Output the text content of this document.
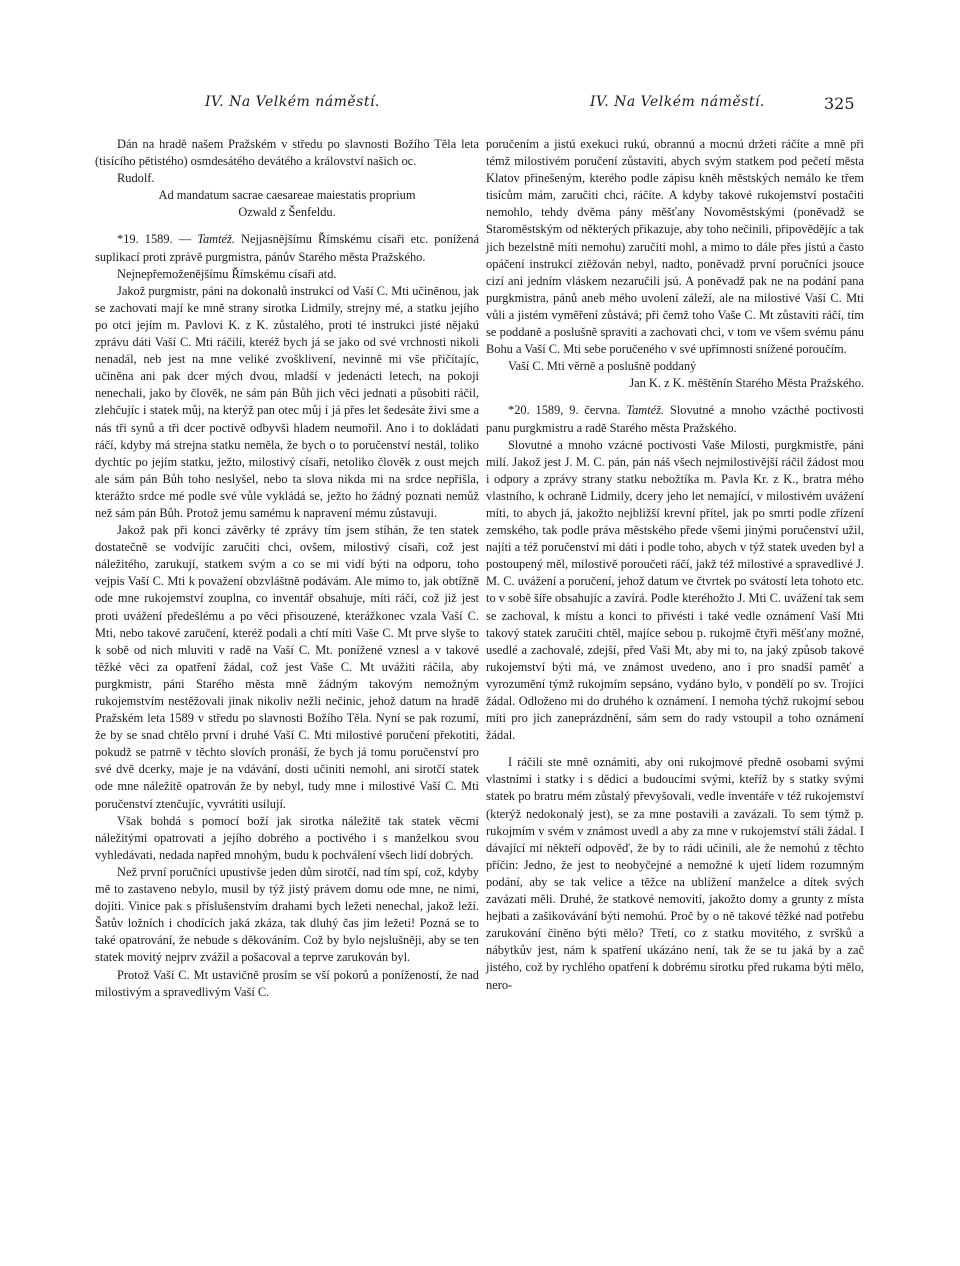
IV. Na Velkém náměstí.	IV. Na Velkém náměstí.	325

Dán na hradě našem Pražském v středu po slavnosti Božího Těla leta (tisícího pětistého) osmdesátého devátého a království našich oc.

Rudolf.

Ad mandatum sacrae caesareae maiestatis proprium

Ozwald z Šenfeldu.

*19. 1589. — Tamtéž. Nejjasnějšímu Římskému císaři etc. ponížená suplikací proti zprávě purgmistra, pánův Starého města Pražského.

Nejnepřemoženějšímu Římskému císaři atd.

Jakož purgmistr, páni na dokonalů instrukcí od Vaší C. Mti učiněnou, jak se zachovati mají ke mně strany sirotka Lidmily, strejny mé, a statku jejího po otci jejím m. Pavlovi K. z K. zůstalého, proti té instrukci jisté nějakú zprávu dáti Vaší C. Mti ráčili, kteréž bych já se jako od své vrchnosti nikoli nenadál, neb jest na mne veliké zvošklivení, nevinně mi vše přičítajíc, učiněna ani pak dcer mých dvou, mladší v jedenácti letech, na pokoji nenechali, jako by člověk, ne sám pán Bůh jich věci jednati a působiti ráčil, zlehčujíc i statek můj, na kterýž pan otec můj i já přes let šedesáte živi sme a nás tři synů a tři dcer poctivě odbyvši hladem neumořil. Ano i to dokládati ráčí, kdyby má strejna statku neměla, že bych o to poručenství nestál, toliko dychtíc po jejím statku, ježto, milostivý císaři, netoliko člověk z oust mejch ale sám pán Bůh toho neslyšel, nebo ta slova nikda mi na srdce nepřišla, kterážto srdce mé podle své vůle vykládá se, ježto ho žádný poznati nemůž než sám pán Bůh. Protož jemu samému k napravení mému zůstavuji.

Jakož pak při konci závěrky té zprávy tím jsem stíhán, že ten statek dostatečně se vodvíjíc zaručiti chci, ovšem, milostivý císaři, což jest náležitého, zarukují, statkem svým a co se mi vidí býti na odporu, toho vejpis Vaší C. Mti k považení obzvláštně podávám. Ale mimo to, jak obtížně ode mne rukojemství zouplna, co inventář obsahuje, míti ráčí, což již jest proti uvážení předešlému a po věci přisouzené, kterážkonec vzala Vaší C. Mti, nebo takové zaručení, kteréž podali a chtí míti Vaše C. Mt prve slyše to k sobě od nich mluviti v radě na Vaší C. Mt. ponížené vznesl a v takové těžké věci za opatření žádal, což jest Vaše C. Mt uvážiti ráčila, aby purgkmistr, páni Starého města mně žádným takovým nemožným rukojemstvím nestěžovali jinak nikoliv nežli nečinic, jehož datum na hradě Pražském leta 1589 v středu po slavnosti Božího Těla. Nyní se pak rozumí, že by se snad chtělo první i druhé Vaší C. Mti milostivé poručení překotiti, pokudž se patrně v těchto slovích pronáší, že bych já tomu poručenství pro své dvě dcerky, maje je na vdávání, dosti učiniti nemohl, ani sirotčí statek ode mne náležitě opatrován že by nebyl, tudy mne i milostivé Vaší C. Mti poručenství ztenčujíc, vyvrátiti usilují.

Však bohdá s pomocí boží jak sirotka náležitě tak statek věcmi náležitými opatrovati a jejího dobrého a poctivého i s manželkou svou vyhledávati, nedada napřed mnohým, budu k pochválení všech lidí dobrých.

Než první poručníci upustivše jeden dům sirotčí, nad tím spí, což, kdyby mě to zastaveno nebylo, musil by týž jistý právem domu ode mne, ne nimi, dojíti. Vinice pak s příslušenstvím drahami bych ležeti nenechal, jakož leží. Šatův ložních i chodících jaká zkáza, tak dluhý čas jim ležeti! Pozná se to také opatrování, že nebude s děkováním. Což by bylo nejslušněji, aby se ten statek movitý nejprv zvážil a pošacoval a teprve zarukován byl.

Protož Vaší C. Mt ustavičně prosím se vší pokorů a ponížeností, že nad milostivým a spravedlivým Vaší C.

poručením a jistú exekuci rukú, obrannú a mocnú držeti ráčíte a mně při témž milostivém poručení zůstaviti, abych svým statkem pod pečetí města Klatov přinešeným, kterého podle zápisu kněh městských nemálo ke třem tisícům mám, zaručiti chci, ráčíte. A kdyby takové rukojemství postačiti nemohlo, tehdy dvěma pány měšťany Novoměstskými (poněvadž se Staroměstským od některých přikazuje, aby toho nečinili, připovědějíc a tak jich bezelstně míti nemohu) zaručiti mohl, a mimo to dále přes jistú a často opáčení instrukcí ztěžován nebyl, nadto, poněvadž první poručníci jsouce cizí ani jedním vláskem nezaručili jsú. A poněvadž pak ne na podání pana purgkmistra, pánů aneb mého uvolení záleží, ale na milostivé Vaší C. Mti vůli a jistém vyměření zůstává; při čemž toho Vaše C. Mt zůstaviti ráčí, tím se poddaně a poslušně spraviti a zachovati chci, v tom ve všem svému pánu Bohu a Vaší C. Mti sebe poručeného v své upřímnosti snížené poroučím.

Vaší C. Mti věrně a poslušně poddaný

Jan K. z K. měštěnín Starého Města Pražského.

*20. 1589, 9. června. Tamtéž. Slovutné a mnoho vzácthé poctivosti panu purgkmistru a radě Starého města Pražského.

Slovutné a mnoho vzácné poctivosti Vaše Milosti, purgkmistře, páni milí. Jakož jest J. M. C. pán, pán náš všech nejmilostivější ráčil žádost mou i odpory a zprávy strany statku nebožtíka m. Pavla Kr. z K., bratra mého vlastního, k ochraně Lidmily, dcery jeho let nemající, v milostivém uvážení míti, to abych já, jakožto nejbližší krevní přítel, jak po smrti podle zřízení zemského, tak podle práva městského přede všemi jinými poručenství užil, najíti a též poručenství mi dáti i podle toho, abych v týž statek uveden byl a postoupený měl, milostivě poroučeti ráčí, jakž též milostivé a spravedlivé J. M. C. uvážení a poručení, jehož datum ve čtvrtek po svátostí leta tohoto etc. to v sobě šíře obsahujíc a zavírá. Podle kteréhožto J. Mti C. uvážení tak sem se zachoval, k místu a konci to přivésti i také vedle oznámení Vaší Mti takový statek zaručiti chtěl, majíce sebou p. rukojmě čtyři měšťany možné, usedlé a zachovalé, zdejší, před Vaši Mt, aby mi to, na jaký způsob takové rukojemství býti má, ve známost uvedeno, ano i pro snadší paměť a vyrozumění týmž rukojmím sepsáno, vydáno bylo, v pondělí po sv. Trojici žádal. Odloženo mi do druhého k oznámení. I nemoha týchž rukojmí sebou míti pro jich zaneprázdnění, sám sem do rady vstoupil a toho oznámení žádal.

I ráčili ste mně oznámiti, aby oni rukojmové předně osobami svými vlastními i statky i s dědici a budoucími svými, kteříž by s statky svými statek po bratru mém zůstalý převyšovali, vedle inventáře v též rukojemství (kterýž nedokonalý jest), se za mne postavili a zavázali. To sem týmž p. rukojmím v svém v známost uvedl a aby za mne v rukojemství stáli žádal. I dávající mi někteří odpověď, že by to rádi učinili, ale že nemohú z těchto příčin: Jedno, že jest to neobyčejné a nemožné k ujetí lidem rozumným podání, aby se tak velice a těžce na ublížení manželce a dítek svých zavázati měli. Druhé, že statkové nemovití, jakožto domy a grunty z místa hejbati a zašikovávání býti nemohú. Proč by o ně takové těžké nad potřebu zarukování činěno býti mělo? Třetí, co z statku movitého, z svršků a nábytkův jest, nám k spatření ukázáno není, tak že se tu jaká by a zač jistého, což by rychlého opatření k dobrému sirotku před rukama býti mělo, nero-
